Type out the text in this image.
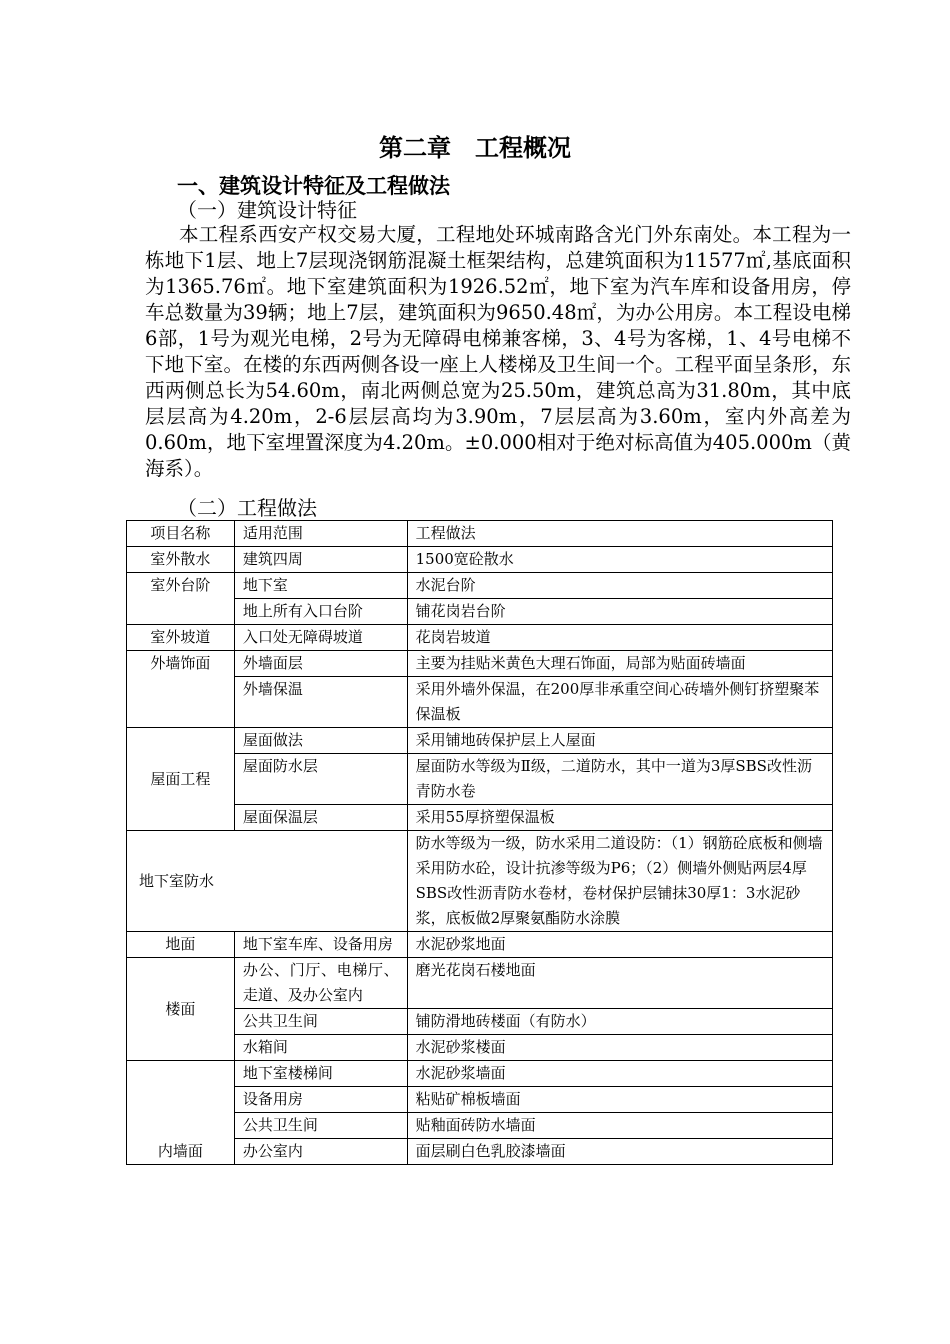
第二章　工程概况
一、建筑设计特征及工程做法
（一）建筑设计特征

本工程系西安产权交易大厦，工程地处环城南路含光门外东南处。本工程为一栋地下1层、地上7层现浇钢筋混凝土框架结构，总建筑面积为11577㎡,基底面积为1365.76㎡。地下室建筑面积为1926.52㎡，地下室为汽车库和设备用房，停车总数量为39辆；地上7层，建筑面积为9650.48㎡，为办公用房。本工程设电梯6部，1号为观光电梯，2号为无障碍电梯兼客梯，3、4号为客梯，1、4号电梯不下地下室。在楼的东西两侧各设一座上人楼梯及卫生间一个。工程平面呈条形，东西两侧总长为54.60m，南北两侧总宽为25.50m，建筑总高为31.80m，其中底层层高为4.20m，2-6层层高均为3.90m，7层层高为3.60m，室内外高差为0.60m，地下室埋置深度为4.20m。±0.000相对于绝对标高值为405.000m（黄海系）。

（二）工程做法
项目名称	适用范围	工程做法
室外散水	建筑四周	1500宽砼散水
室外台阶	地下室	水泥台阶
	地上所有入口台阶	铺花岗岩台阶
室外坡道	入口处无障碍坡道	花岗岩坡道
外墙饰面	外墙面层	主要为挂贴米黄色大理石饰面，局部为贴面砖墙面
	外墙保温	采用外墙外保温，在200厚非承重空间心砖墙外侧钉挤塑聚苯保温板
屋面工程	屋面做法	采用铺地砖保护层上人屋面
	屋面防水层	屋面防水等级为Ⅱ级，二道防水，其中一道为3厚SBS改性沥青防水卷
	屋面保温层	采用55厚挤塑保温板
地下室防水		防水等级为一级，防水采用二道设防：（1）钢筋砼底板和侧墙采用防水砼，设计抗渗等级为P6；（2）侧墙外侧贴两层4厚SBS改性沥青防水卷材，卷材保护层铺抹30厚1：3水泥砂浆，底板做2厚聚氨酯防水涂膜
地面	地下室车库、设备用房	水泥砂浆地面
楼面	办公、门厅、电梯厅、走道、及办公室内	磨光花岗石楼地面
	公共卫生间	铺防滑地砖楼面（有防水）
	水箱间	水泥砂浆楼面
内墙面	地下室楼梯间	水泥砂浆墙面
	设备用房	粘贴矿棉板墙面
	公共卫生间	贴釉面砖防水墙面
	办公室内	面层刷白色乳胶漆墙面
